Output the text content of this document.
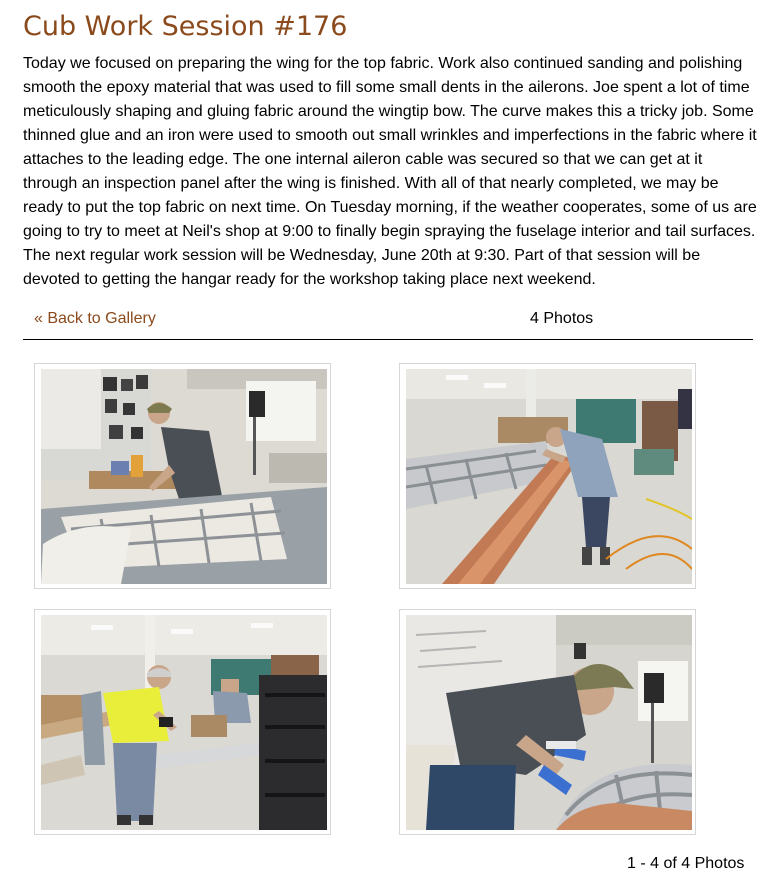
Cub Work Session #176

Today we focused on preparing the wing for the top fabric. Work also continued sanding and polishing smooth the epoxy material that was used to fill some small dents in the ailerons. Joe spent a lot of time meticulously shaping and gluing fabric around the wingtip bow. The curve makes this a tricky job. Some thinned glue and an iron were used to smooth out small wrinkles and imperfections in the fabric where it attaches to the leading edge. The one internal aileron cable was secured so that we can get at it through an inspection panel after the wing is finished. With all of that nearly completed, we may be ready to put the top fabric on next time. On Tuesday morning, if the weather cooperates, some of us are going to try to meet at Neil's shop at 9:00 to finally begin spraying the fuselage interior and tail surfaces. The next regular work session will be Wednesday, June 20th at 9:30. Part of that session will be devoted to getting the hangar ready for the workshop taking place next weekend.

« Back to Gallery	4 Photos
1 - 4 of 4 Photos
